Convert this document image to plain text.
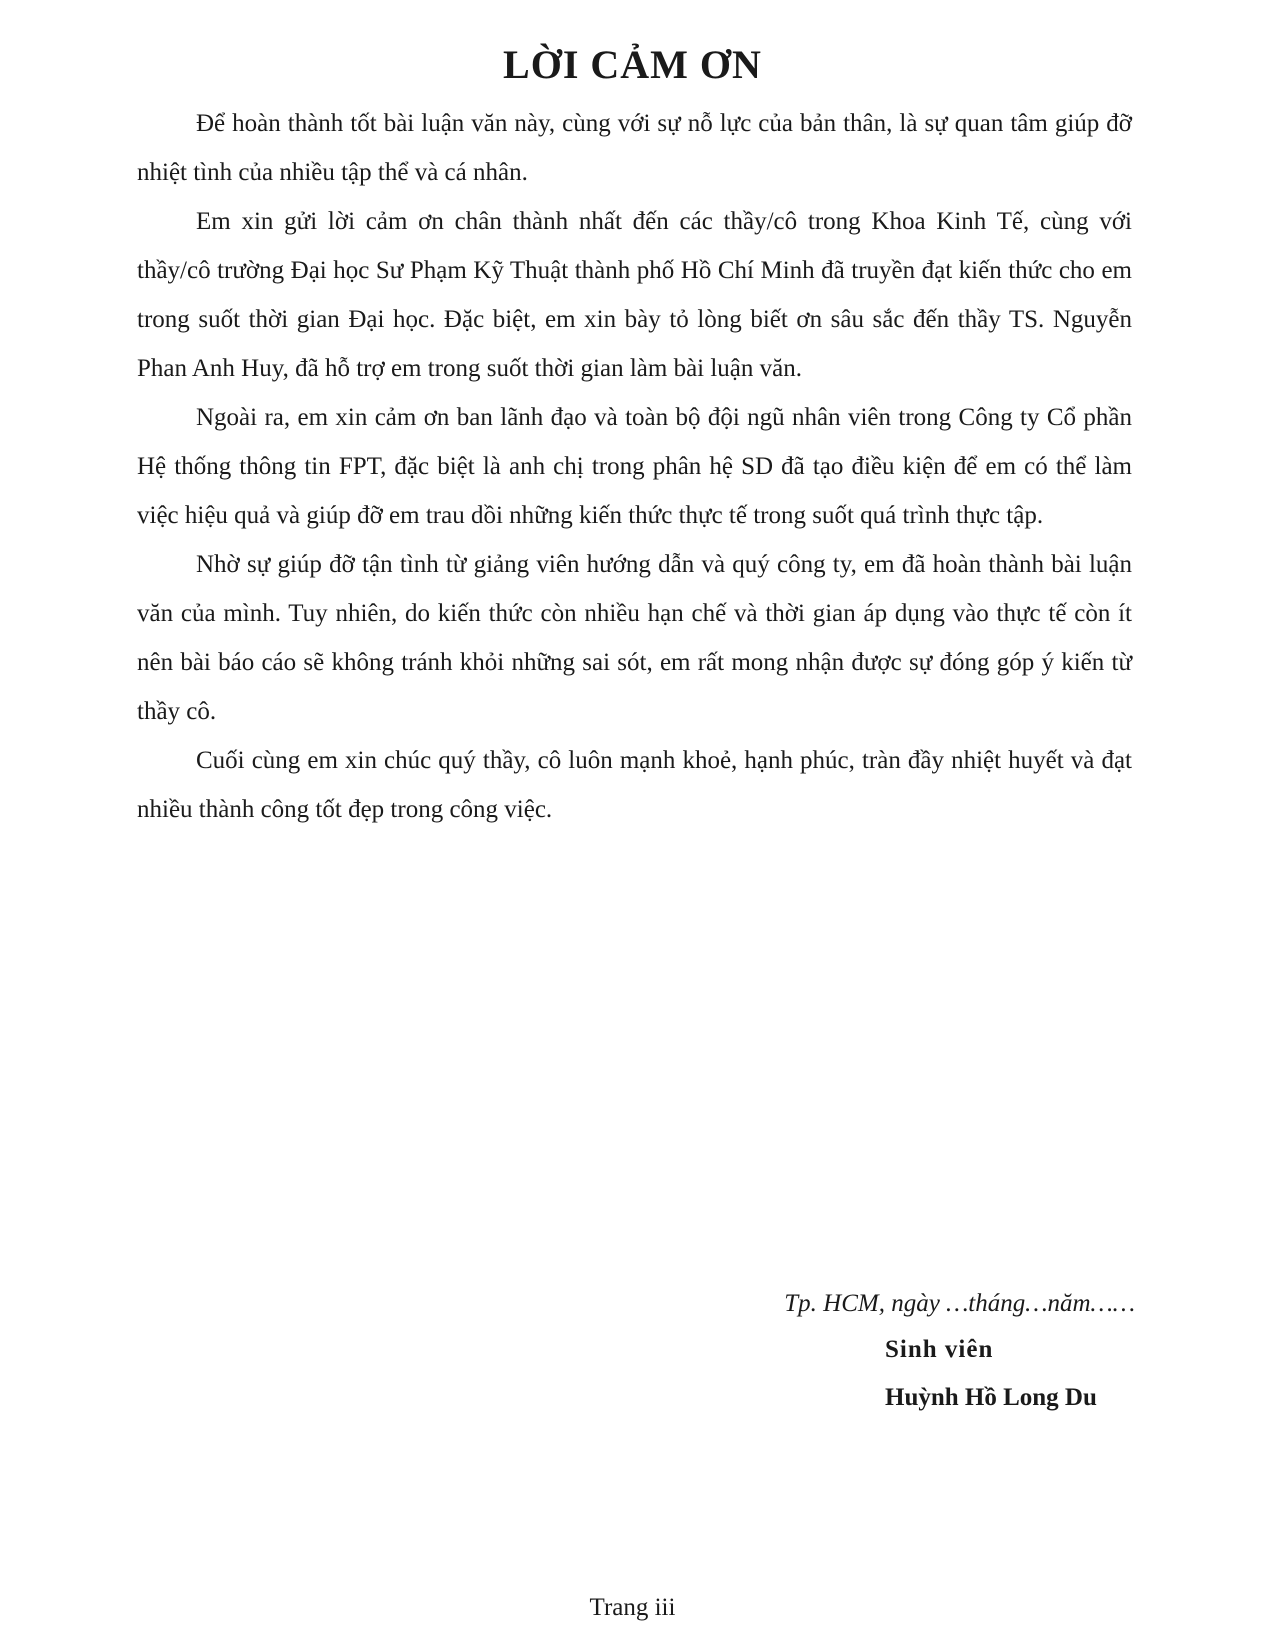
LỜI CẢM ƠN

Để hoàn thành tốt bài luận văn này, cùng với sự nỗ lực của bản thân, là sự quan tâm giúp đỡ nhiệt tình của nhiều tập thể và cá nhân.

Em xin gửi lời cảm ơn chân thành nhất đến các thầy/cô trong Khoa Kinh Tế, cùng với thầy/cô trường Đại học Sư Phạm Kỹ Thuật thành phố Hồ Chí Minh đã truyền đạt kiến thức cho em trong suốt thời gian Đại học. Đặc biệt, em xin bày tỏ lòng biết ơn sâu sắc đến thầy TS. Nguyễn Phan Anh Huy, đã hỗ trợ em trong suốt thời gian làm bài luận văn.

Ngoài ra, em xin cảm ơn ban lãnh đạo và toàn bộ đội ngũ nhân viên trong Công ty Cổ phần Hệ thống thông tin FPT, đặc biệt là anh chị trong phân hệ SD đã tạo điều kiện để em có thể làm việc hiệu quả và giúp đỡ em trau dồi những kiến thức thực tế trong suốt quá trình thực tập.

Nhờ sự giúp đỡ tận tình từ giảng viên hướng dẫn và quý công ty, em đã hoàn thành bài luận văn của mình. Tuy nhiên, do kiến thức còn nhiều hạn chế và thời gian áp dụng vào thực tế còn ít nên bài báo cáo sẽ không tránh khỏi những sai sót, em rất mong nhận được sự đóng góp ý kiến từ thầy cô.

Cuối cùng em xin chúc quý thầy, cô luôn mạnh khoẻ, hạnh phúc, tràn đầy nhiệt huyết và đạt nhiều thành công tốt đẹp trong công việc.

Tp. HCM, ngày …tháng…năm……

Sinh viên

Huỳnh Hồ Long Du

Trang iii
